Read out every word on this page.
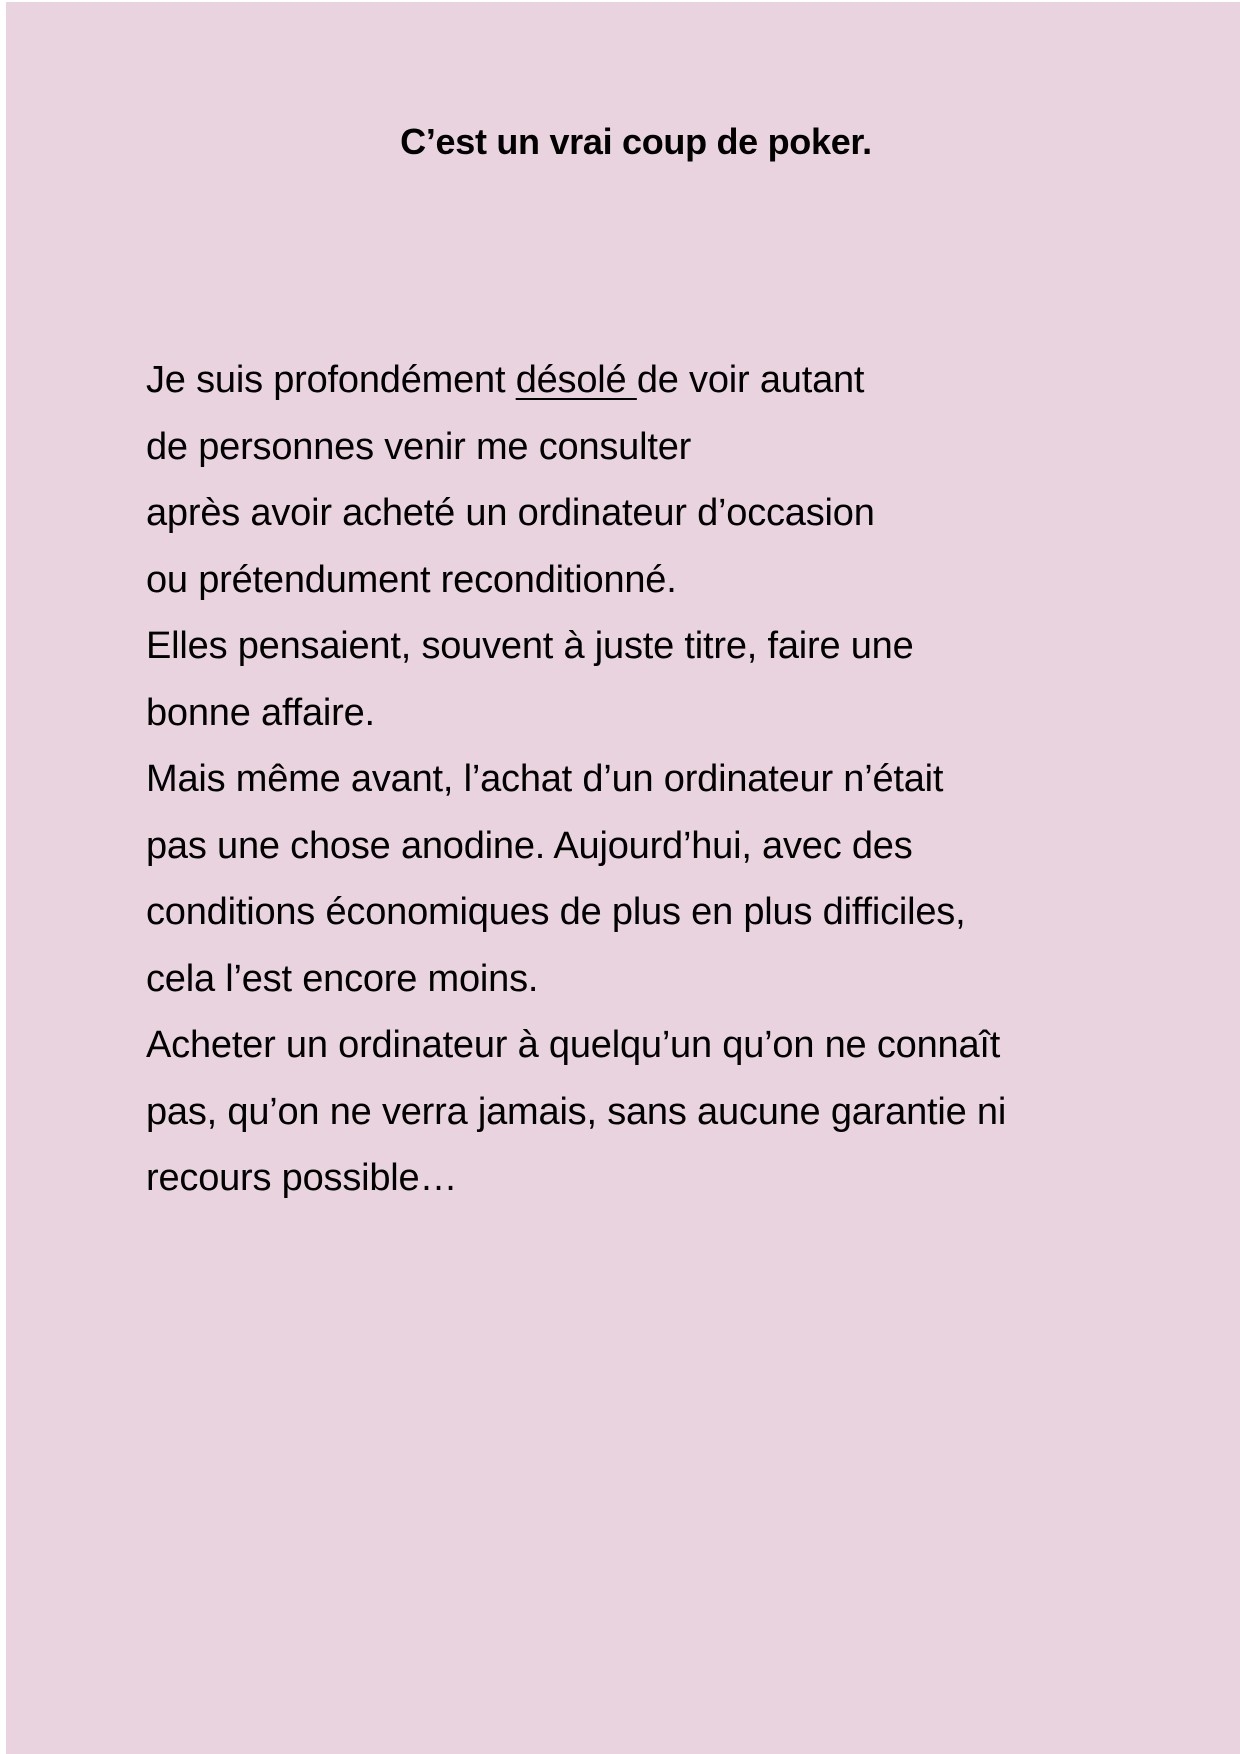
C’est un vrai coup de poker.
Je suis profondément désolé de voir autant
de personnes venir me consulter
après avoir acheté un ordinateur d’occasion
ou prétendument reconditionné.
Elles pensaient, souvent à juste titre, faire une
bonne affaire.
Mais même avant, l’achat d’un ordinateur n’était
pas une chose anodine. Aujourd’hui, avec des
conditions économiques de plus en plus difficiles,
cela l’est encore moins.
Acheter un ordinateur à quelqu’un qu’on ne connaît
pas, qu’on ne verra jamais, sans aucune garantie ni
recours possible…
